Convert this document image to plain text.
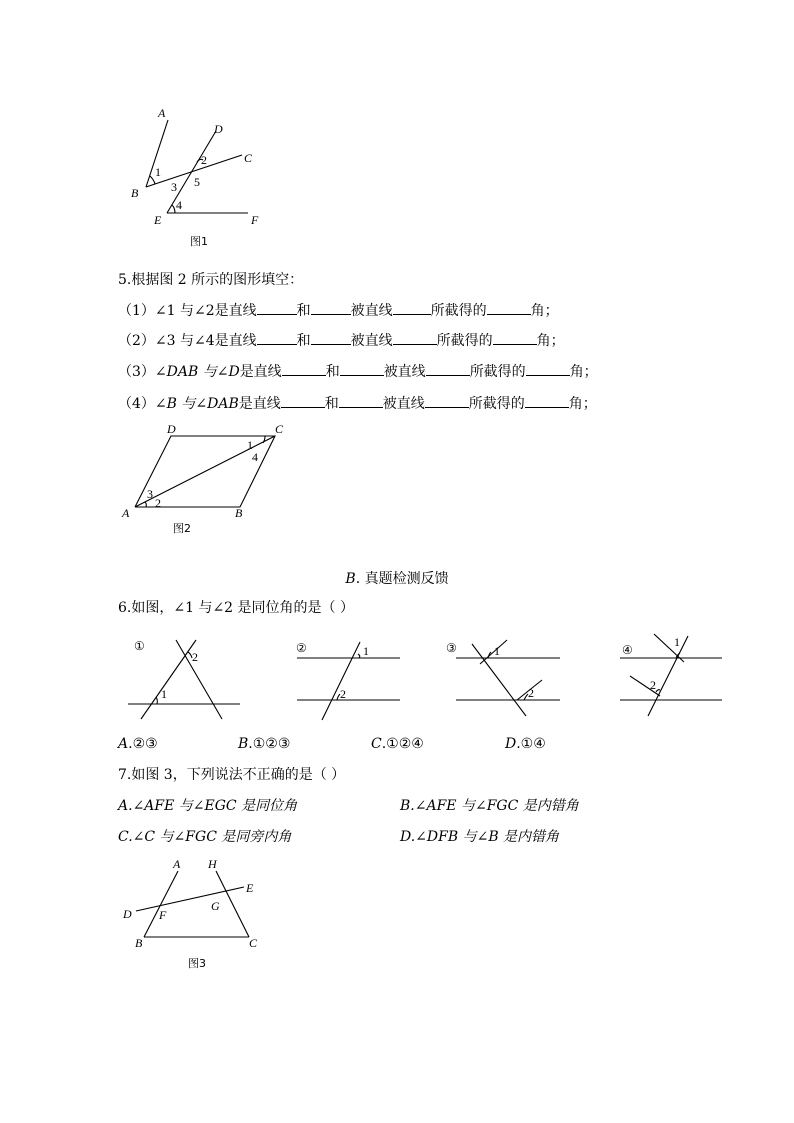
A
D
C
B
E	F
1
2
3 5
4
图1
5.根据图 2 所示的图形填空：
（1）∠1 与∠2是直线	和	被直线	所截得的	角；
（2）∠3 与∠4是直线	和	被直线	所截得的	角；
（3）∠DAB 与∠D是直线	和	被直线	所截得的	角；
（4）∠B 与∠DAB是直线	和	被直线	所截得的	角；
D	C
A	B
1
4
3
2
图2
B. 真题检测反馈
6.如图，∠1 与∠2 是同位角的是（ ）
①
1
2
②	1
2
③	1
2
④
1
2
A.②③	B.①②③	C.①②④	D.①④
7.如图 3，下列说法不正确的是（ ）
A.∠AFE 与∠EGC 是同位角	B.∠AFE 与∠FGC 是内错角
C.∠C 与∠FGC 是同旁内角	D.∠DFB 与∠B 是内错角
A H
E
G
D F
B	C
图3
